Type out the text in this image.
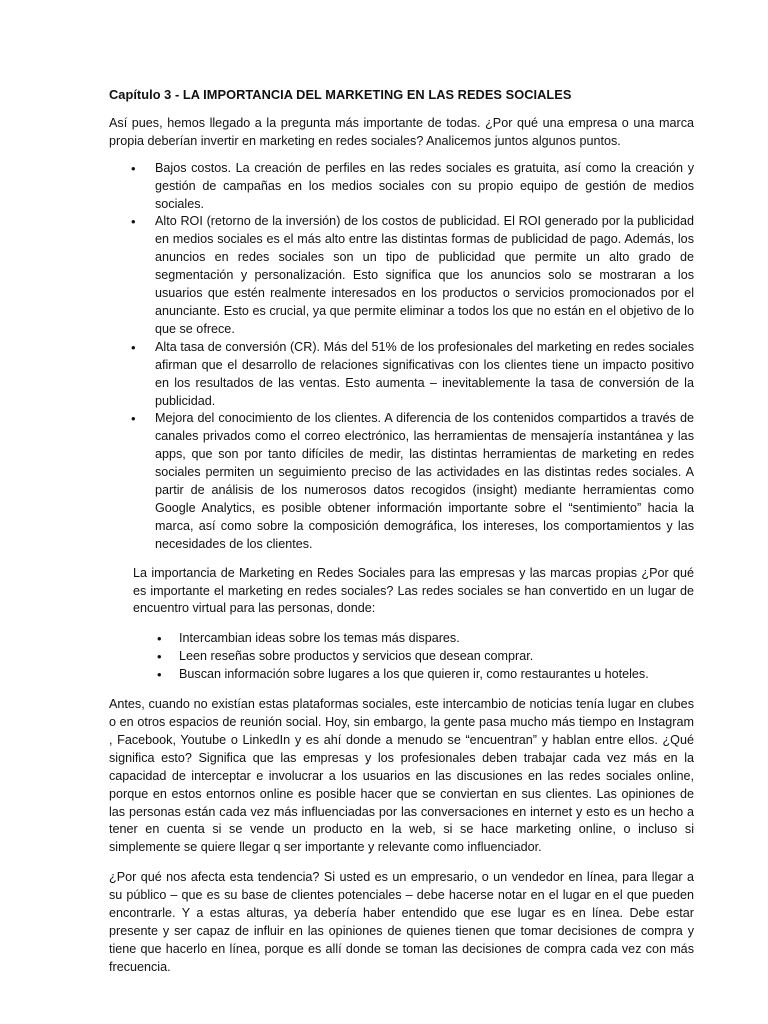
Capítulo 3 - LA IMPORTANCIA DEL MARKETING EN LAS REDES SOCIALES

Así pues, hemos llegado a la pregunta más importante de todas. ¿Por qué una empresa o una marca propia deberían invertir en marketing en redes sociales? Analicemos juntos algunos puntos.

• Bajos costos. La creación de perfiles en las redes sociales es gratuita, así como la creación y gestión de campañas en los medios sociales con su propio equipo de gestión de medios sociales.
• Alto ROI (retorno de la inversión) de los costos de publicidad. El ROI generado por la publicidad en medios sociales es el más alto entre las distintas formas de publicidad de pago. Además, los anuncios en redes sociales son un tipo de publicidad que permite un alto grado de segmentación y personalización. Esto significa que los anuncios solo se mostraran a los usuarios que estén realmente interesados en los productos o servicios promocionados por el anunciante. Esto es crucial, ya que permite eliminar a todos los que no están en el objetivo de lo que se ofrece.
• Alta tasa de conversión (CR). Más del 51% de los profesionales del marketing en redes sociales afirman que el desarrollo de relaciones significativas con los clientes tiene un impacto positivo en los resultados de las ventas. Esto aumenta – inevitablemente la tasa de conversión de la publicidad.
• Mejora del conocimiento de los clientes. A diferencia de los contenidos compartidos a través de canales privados como el correo electrónico, las herramientas de mensajería instantánea y las apps, que son por tanto difíciles de medir, las distintas herramientas de marketing en redes sociales permiten un seguimiento preciso de las actividades en las distintas redes sociales. A partir de análisis de los numerosos datos recogidos (insight) mediante herramientas como Google Analytics, es posible obtener información importante sobre el “sentimiento” hacia la marca, así como sobre la composición demográfica, los intereses, los comportamientos y las necesidades de los clientes.

La importancia de Marketing en Redes Sociales para las empresas y las marcas propias ¿Por qué es importante el marketing en redes sociales? Las redes sociales se han convertido en un lugar de encuentro virtual para las personas, donde:

• Intercambian ideas sobre los temas más dispares.
• Leen reseñas sobre productos y servicios que desean comprar.
• Buscan información sobre lugares a los que quieren ir, como restaurantes u hoteles.

Antes, cuando no existían estas plataformas sociales, este intercambio de noticias tenía lugar en clubes o en otros espacios de reunión social. Hoy, sin embargo, la gente pasa mucho más tiempo en Instagram , Facebook, Youtube o LinkedIn y es ahí donde a menudo se “encuentran” y hablan entre ellos. ¿Qué significa esto? Significa que las empresas y los profesionales deben trabajar cada vez más en la capacidad de interceptar e involucrar a los usuarios en las discusiones en las redes sociales online, porque en estos entornos online es posible hacer que se conviertan en sus clientes. Las opiniones de las personas están cada vez más influenciadas por las conversaciones en internet y esto es un hecho a tener en cuenta si se vende un producto en la web, si se hace marketing online, o incluso si simplemente se quiere llegar q ser importante y relevante como influenciador.

¿Por qué nos afecta esta tendencia? Si usted es un empresario, o un vendedor en línea, para llegar a su público – que es su base de clientes potenciales – debe hacerse notar en el lugar en el que pueden encontrarle. Y a estas alturas, ya debería haber entendido que ese lugar es en línea. Debe estar presente y ser capaz de influir en las opiniones de quienes tienen que tomar decisiones de compra y tiene que hacerlo en línea, porque es allí donde se toman las decisiones de compra cada vez con más frecuencia.
